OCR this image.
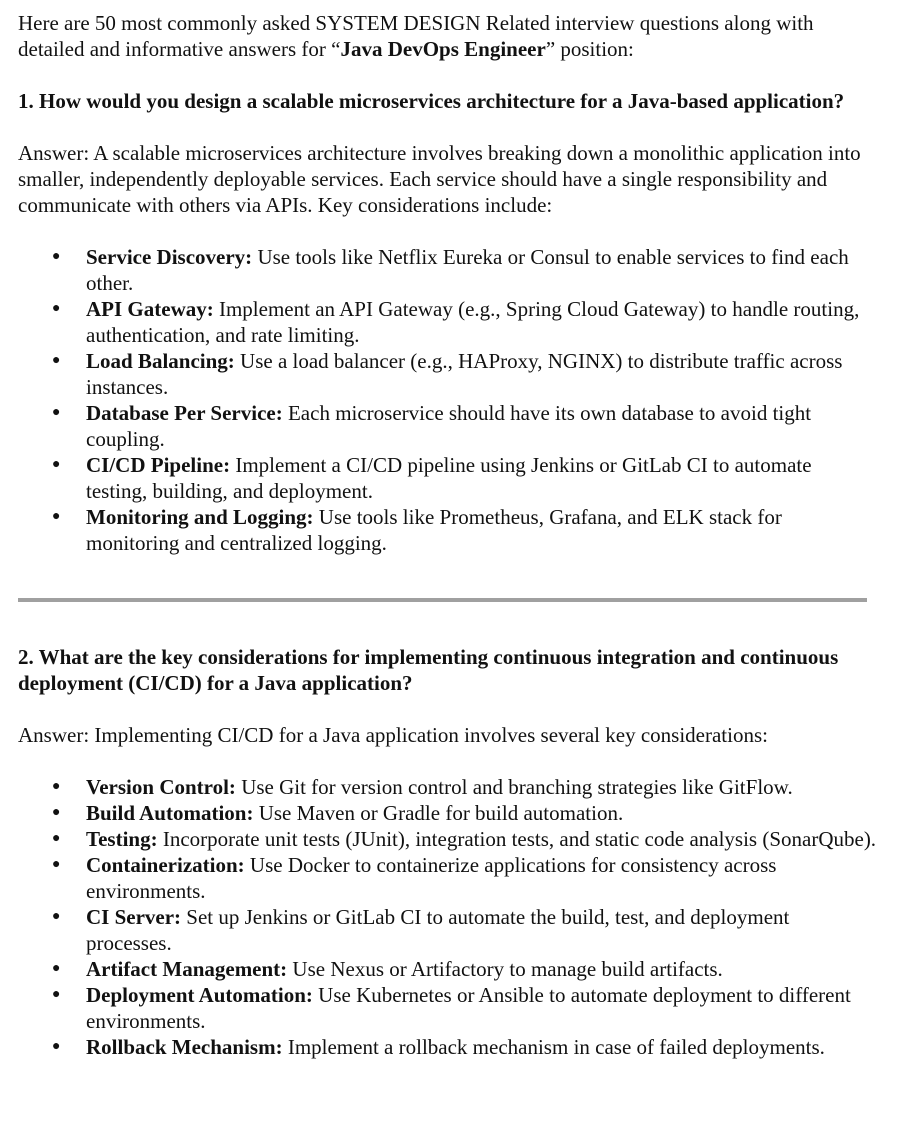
Here are 50 most commonly asked SYSTEM DESIGN Related interview questions along with detailed and informative answers for “Java DevOps Engineer” position:

1. How would you design a scalable microservices architecture for a Java-based application?

Answer: A scalable microservices architecture involves breaking down a monolithic application into smaller, independently deployable services. Each service should have a single responsibility and communicate with others via APIs. Key considerations include:

● Service Discovery: Use tools like Netflix Eureka or Consul to enable services to find each other.
● API Gateway: Implement an API Gateway (e.g., Spring Cloud Gateway) to handle routing, authentication, and rate limiting.
● Load Balancing: Use a load balancer (e.g., HAProxy, NGINX) to distribute traffic across instances.
● Database Per Service: Each microservice should have its own database to avoid tight coupling.
● CI/CD Pipeline: Implement a CI/CD pipeline using Jenkins or GitLab CI to automate testing, building, and deployment.
● Monitoring and Logging: Use tools like Prometheus, Grafana, and ELK stack for monitoring and centralized logging.

2. What are the key considerations for implementing continuous integration and continuous deployment (CI/CD) for a Java application?

Answer: Implementing CI/CD for a Java application involves several key considerations:

● Version Control: Use Git for version control and branching strategies like GitFlow.
● Build Automation: Use Maven or Gradle for build automation.
● Testing: Incorporate unit tests (JUnit), integration tests, and static code analysis (SonarQube).
● Containerization: Use Docker to containerize applications for consistency across environments.
● CI Server: Set up Jenkins or GitLab CI to automate the build, test, and deployment processes.
● Artifact Management: Use Nexus or Artifactory to manage build artifacts.
● Deployment Automation: Use Kubernetes or Ansible to automate deployment to different environments.
● Rollback Mechanism: Implement a rollback mechanism in case of failed deployments.
